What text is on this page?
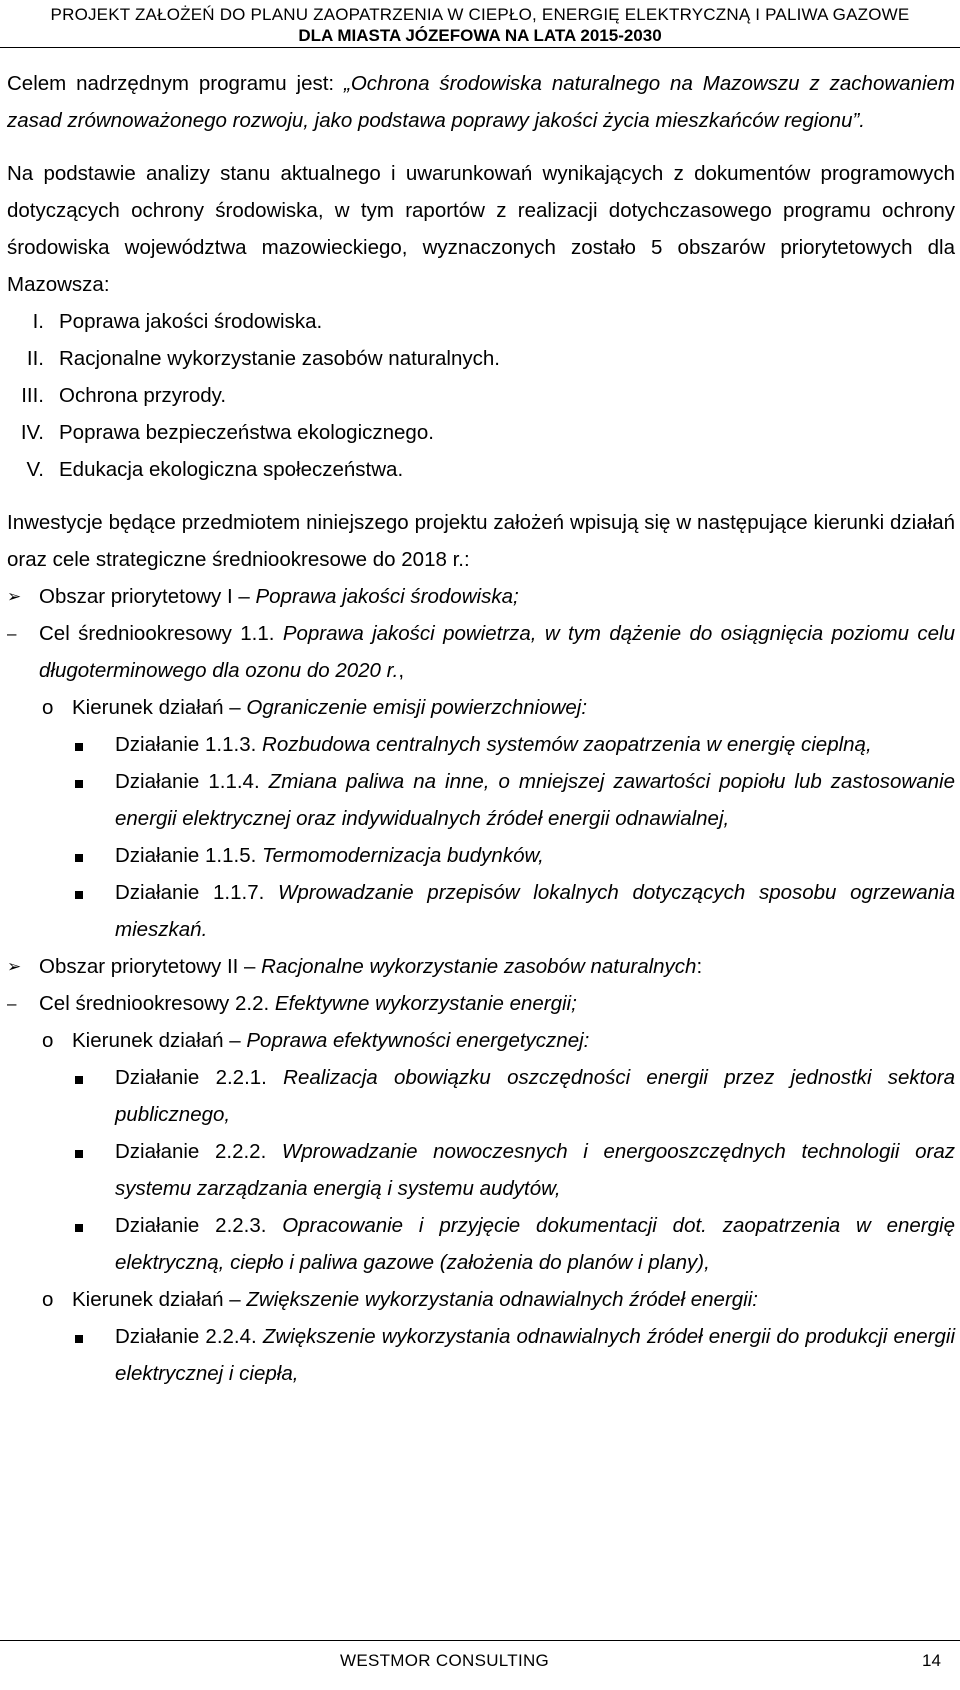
PROJEKT ZAŁOŻEŃ DO PLANU ZAOPATRZENIA W CIEPŁO, ENERGIĘ ELEKTRYCZNĄ I PALIWA GAZOWE
DLA MIASTA JÓZEFOWA NA LATA 2015-2030

Celem nadrzędnym programu jest: „Ochrona środowiska naturalnego na Mazowszu z zachowaniem zasad zrównoważonego rozwoju, jako podstawa poprawy jakości życia mieszkańców regionu”.

Na podstawie analizy stanu aktualnego i uwarunkowań wynikających z dokumentów programowych dotyczących ochrony środowiska, w tym raportów z realizacji dotychczasowego programu ochrony środowiska województwa mazowieckiego, wyznaczonych zostało 5 obszarów priorytetowych dla Mazowsza:

I. Poprawa jakości środowiska.
II. Racjonalne wykorzystanie zasobów naturalnych.
III. Ochrona przyrody.
IV. Poprawa bezpieczeństwa ekologicznego.
V. Edukacja ekologiczna społeczeństwa.

Inwestycje będące przedmiotem niniejszego projektu założeń wpisują się w następujące kierunki działań oraz cele strategiczne średniookresowe do 2018 r.:

➢ Obszar priorytetowy I – Poprawa jakości środowiska;
–	Cel średniookresowy 1.1. Poprawa jakości powietrza, w tym dążenie do osiągnięcia poziomu celu długoterminowego dla ozonu do 2020 r.,
o Kierunek działań – Ograniczenie emisji powierzchniowej:
Działanie 1.1.3. Rozbudowa centralnych systemów zaopatrzenia w energię cieplną,
Działanie 1.1.4. Zmiana paliwa na inne, o mniejszej zawartości popiołu lub zastosowanie energii elektrycznej oraz indywidualnych źródeł energii odnawialnej,
Działanie 1.1.5. Termomodernizacja budynków,
Działanie 1.1.7. Wprowadzanie przepisów lokalnych dotyczących sposobu ogrzewania mieszkań.
➢ Obszar priorytetowy II – Racjonalne wykorzystanie zasobów naturalnych:
–	Cel średniookresowy 2.2. Efektywne wykorzystanie energii;
o Kierunek działań – Poprawa efektywności energetycznej:
Działanie 2.2.1. Realizacja obowiązku oszczędności energii przez jednostki sektora publicznego,
Działanie 2.2.2. Wprowadzanie nowoczesnych i energooszczędnych technologii oraz systemu zarządzania energią i systemu audytów,
Działanie 2.2.3. Opracowanie i przyjęcie dokumentacji dot. zaopatrzenia w energię elektryczną, ciepło i paliwa gazowe (założenia do planów i plany),
o Kierunek działań – Zwiększenie wykorzystania odnawialnych źródeł energii:
Działanie 2.2.4. Zwiększenie wykorzystania odnawialnych źródeł energii do produkcji energii elektrycznej i ciepła,
WESTMOR CONSULTING	14
